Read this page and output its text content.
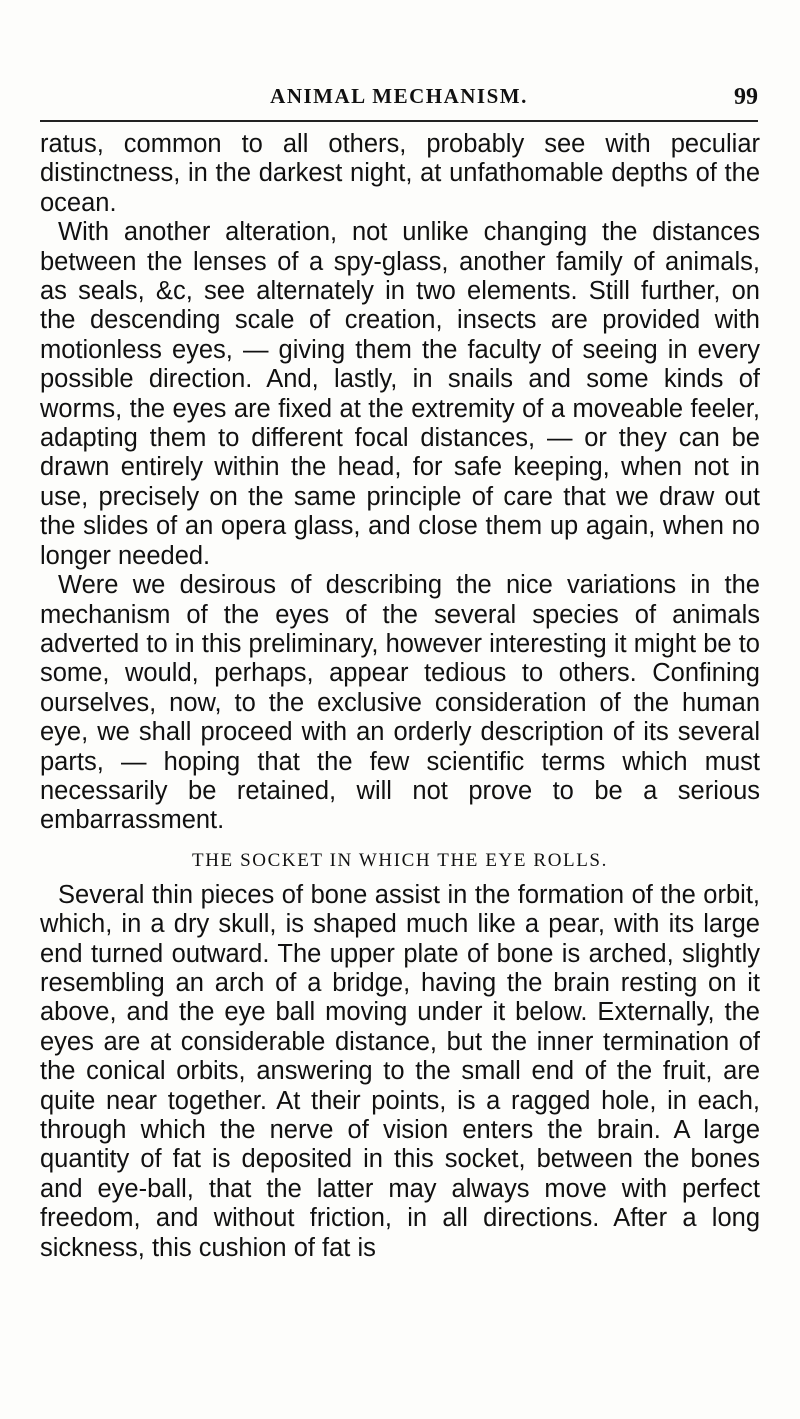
ANIMAL MECHANISM.	99

ratus, common to all others, probably see with peculiar distinctness, in the darkest night, at unfathomable depths of the ocean.

With another alteration, not unlike changing the distances between the lenses of a spy-glass, another family of animals, as seals, &c, see alternately in two elements. Still further, on the descending scale of creation, insects are provided with motionless eyes, — giving them the faculty of seeing in every possible direction. And, lastly, in snails and some kinds of worms, the eyes are fixed at the extremity of a moveable feeler, adapting them to different focal distances, — or they can be drawn entirely within the head, for safe keeping, when not in use, precisely on the same principle of care that we draw out the slides of an opera glass, and close them up again, when no longer needed.

Were we desirous of describing the nice variations in the mechanism of the eyes of the several species of animals adverted to in this preliminary, however interesting it might be to some, would, perhaps, appear tedious to others. Confining ourselves, now, to the exclusive consideration of the human eye, we shall proceed with an orderly description of its several parts, — hoping that the few scientific terms which must necessarily be retained, will not prove to be a serious embarrassment.

THE SOCKET IN WHICH THE EYE ROLLS.

Several thin pieces of bone assist in the formation of the orbit, which, in a dry skull, is shaped much like a pear, with its large end turned outward. The upper plate of bone is arched, slightly resembling an arch of a bridge, having the brain resting on it above, and the eye ball moving under it below. Externally, the eyes are at considerable distance, but the inner termination of the conical orbits, answering to the small end of the fruit, are quite near together. At their points, is a ragged hole, in each, through which the nerve of vision enters the brain. A large quantity of fat is deposited in this socket, between the bones and eye-ball, that the latter may always move with perfect freedom, and without friction, in all directions. After a long sickness, this cushion of fat is
